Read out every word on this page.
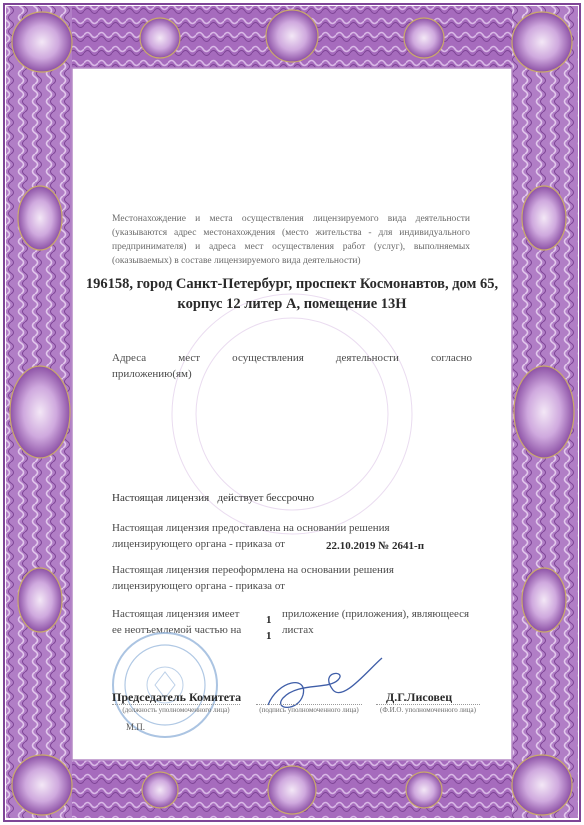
Местонахождение и места осуществления лицензируемого вида деятельности (указываются адрес местонахождения (место жительства - для индивидуального предпринимателя) и адреса мест осуществления работ (услуг), выполняемых (оказываемых) в составе лицензируемого вида деятельности)
196158, город Санкт-Петербург, проспект Космонавтов, дом 65,
корпус 12 литер А, помещение 13Н
Адреса мест осуществления деятельности согласно
приложению(ям)
Настоящая лицензия действует бессрочно
Настоящая лицензия предоставлена на основании решения
лицензирующего органа - приказа от	22.10.2019 № 2641-п
Настоящая лицензия переоформлена на основании решения
лицензирующего органа - приказа от
Настоящая лицензия имеет
ее неотъемлемой частью на
1
1
приложение (приложения), являющееся
листах
Председатель Комитета
(должность уполномоченного лица)	(подпись уполномоченного лица)
Д.Г.Лисовец
(Ф.И.О. уполномоченного лица)
М.П.
